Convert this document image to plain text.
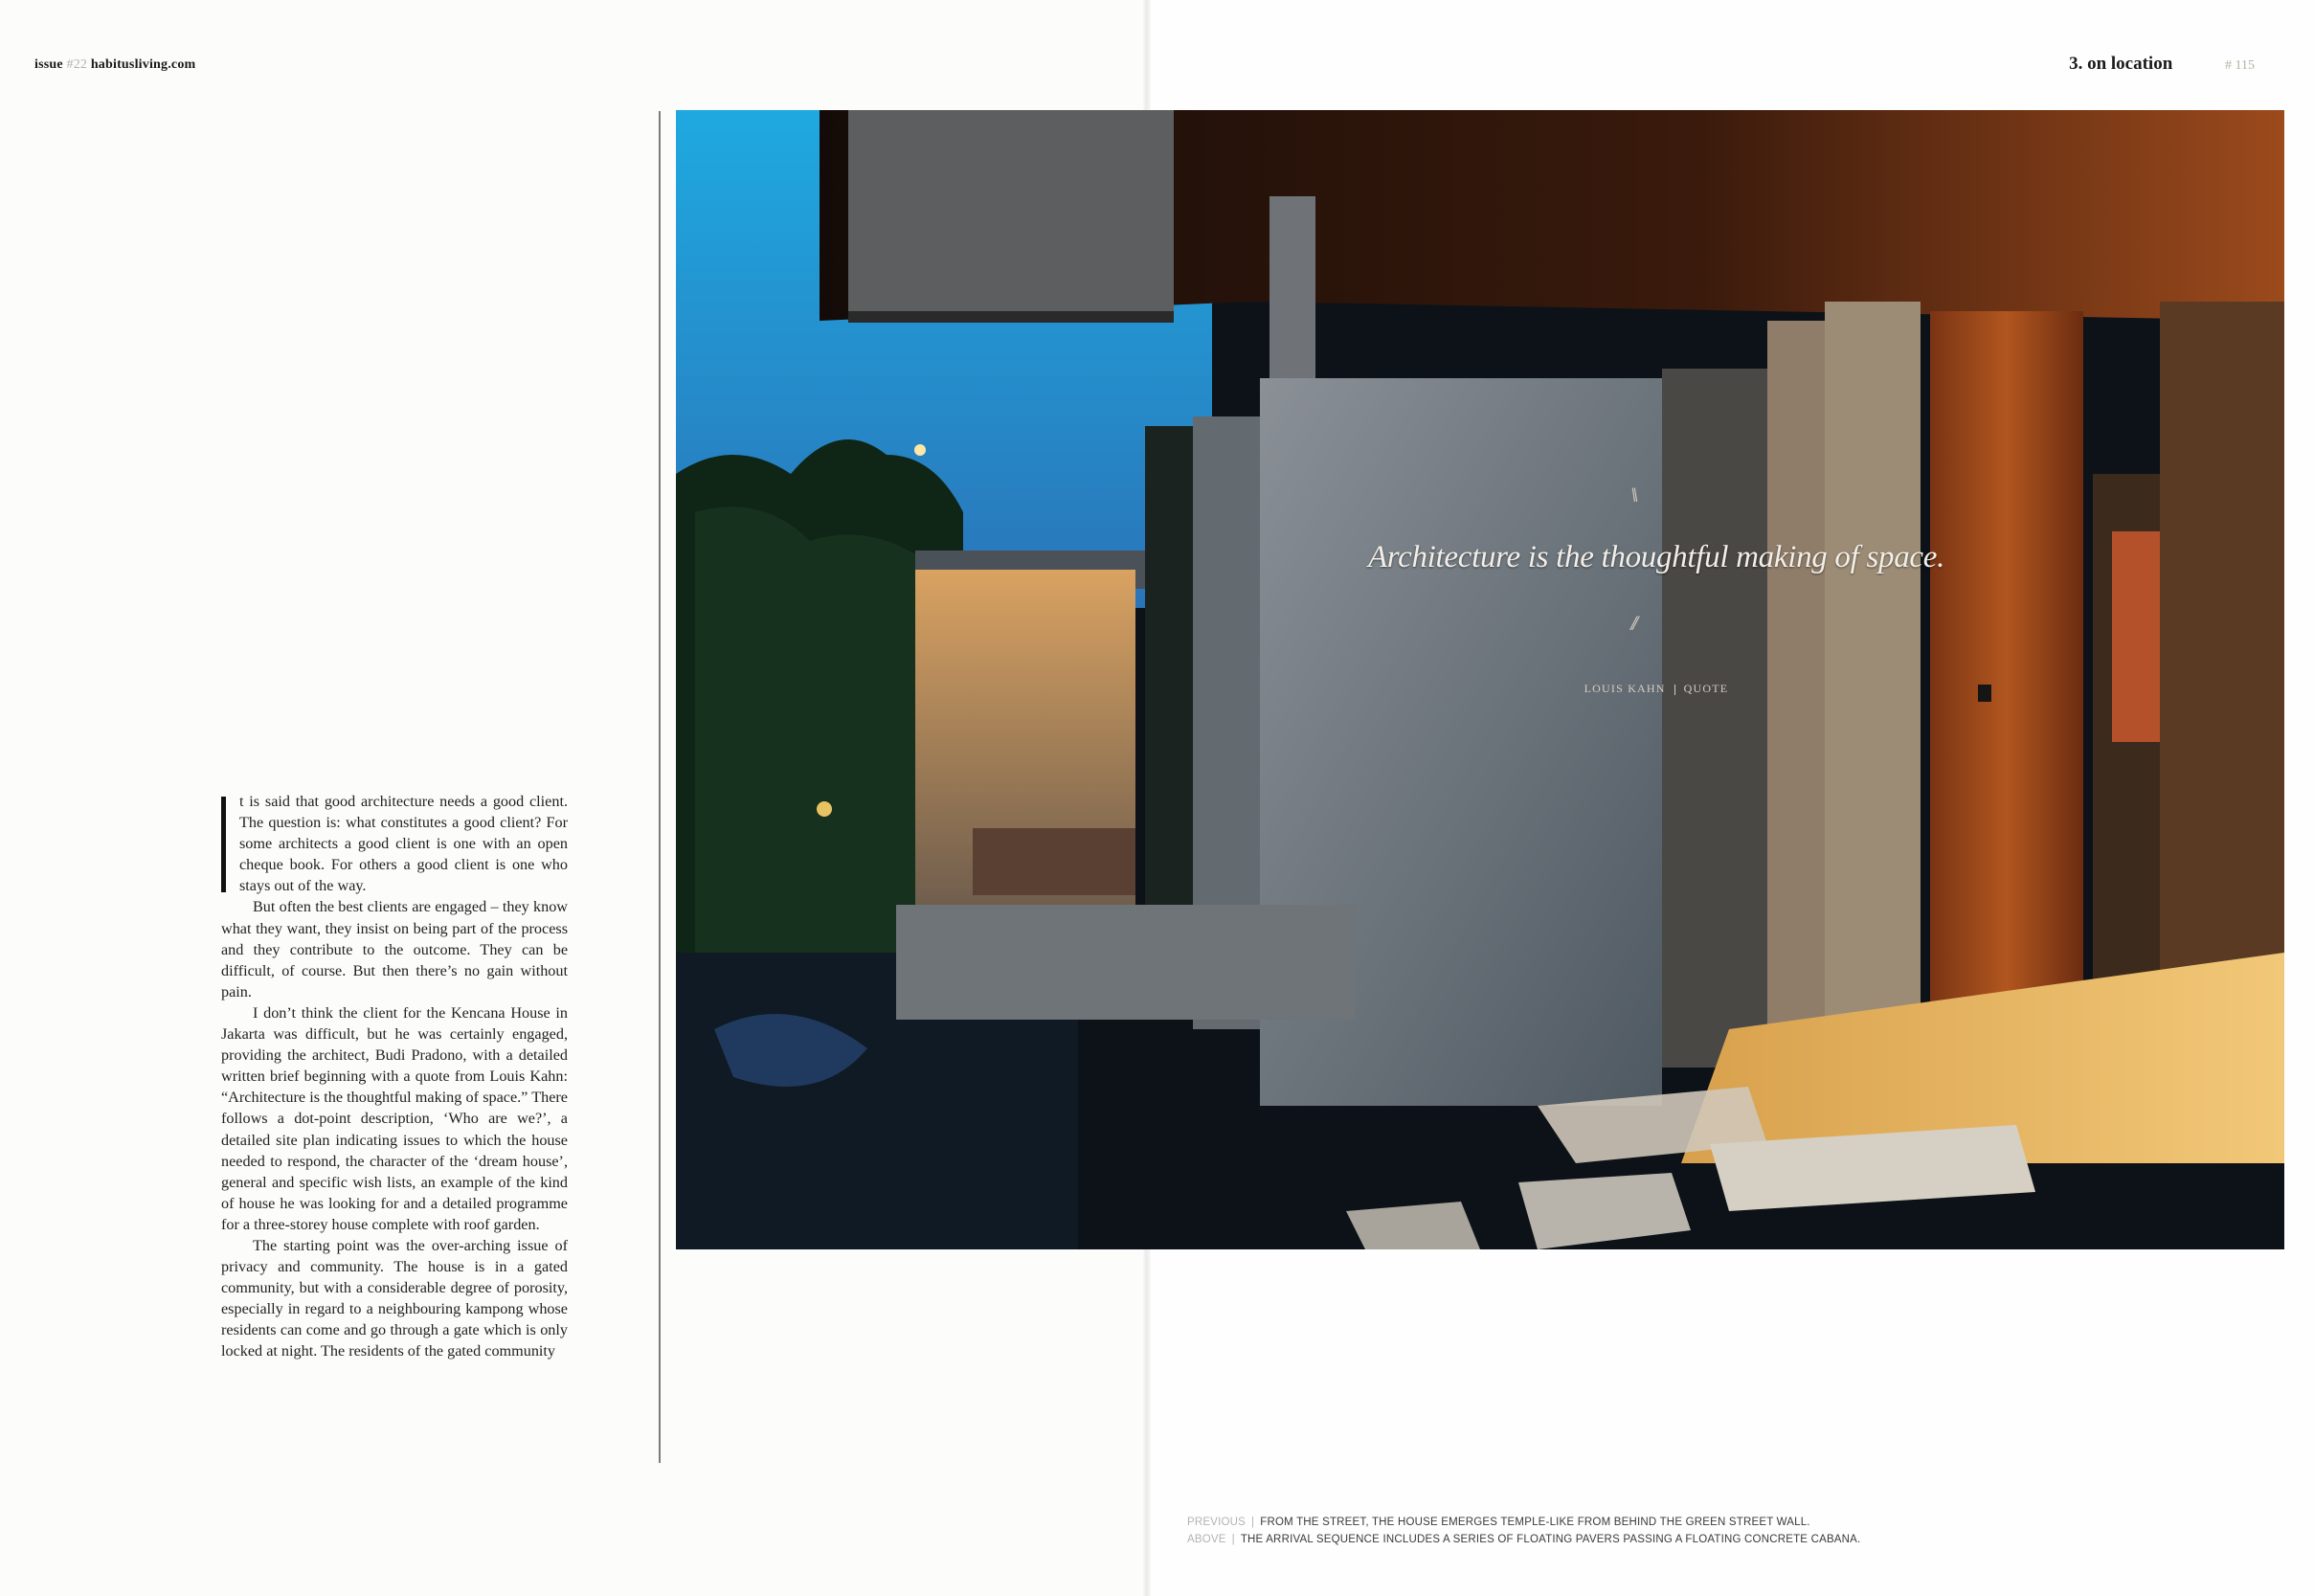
issue #22 habitusliving.com	3. on location	# 115

t is said that good architecture needs a good client. The question is: what constitutes a good client? For some architects a good client is one with an open cheque book. For others a good client is one who stays out of the way.

But often the best clients are engaged – they know what they want, they insist on being part of the process and they contribute to the outcome. They can be difficult, of course. But then there’s no gain without pain.

I don’t think the client for the Kencana House in Jakarta was difficult, but he was certainly engaged, providing the architect, Budi Pradono, with a detailed written brief beginning with a quote from Louis Kahn: “Architecture is the thoughtful making of space.” There follows a dot-point description, ‘Who are we?’, a detailed site plan indicating issues to which the house needed to respond, the character of the ‘dream house’, general and specific wish lists, an example of the kind of house he was looking for and a detailed programme for a three-storey house complete with roof garden.

The starting point was the over-arching issue of privacy and community. The house is in a gated community, but with a considerable degree of porosity, especially in regard to a neighbouring kampong whose residents can come and go through a gate which is only locked at night. The residents of the gated community

\\
Architecture is the thoughtful making of space.
//
LOUIS KAHN QUOTE
PREVIOUS | FROM THE STREET, THE HOUSE EMERGES TEMPLE-LIKE FROM BEHIND THE GREEN STREET WALL.
ABOVE | THE ARRIVAL SEQUENCE INCLUDES A SERIES OF FLOATING PAVERS PASSING A FLOATING CONCRETE CABANA.
